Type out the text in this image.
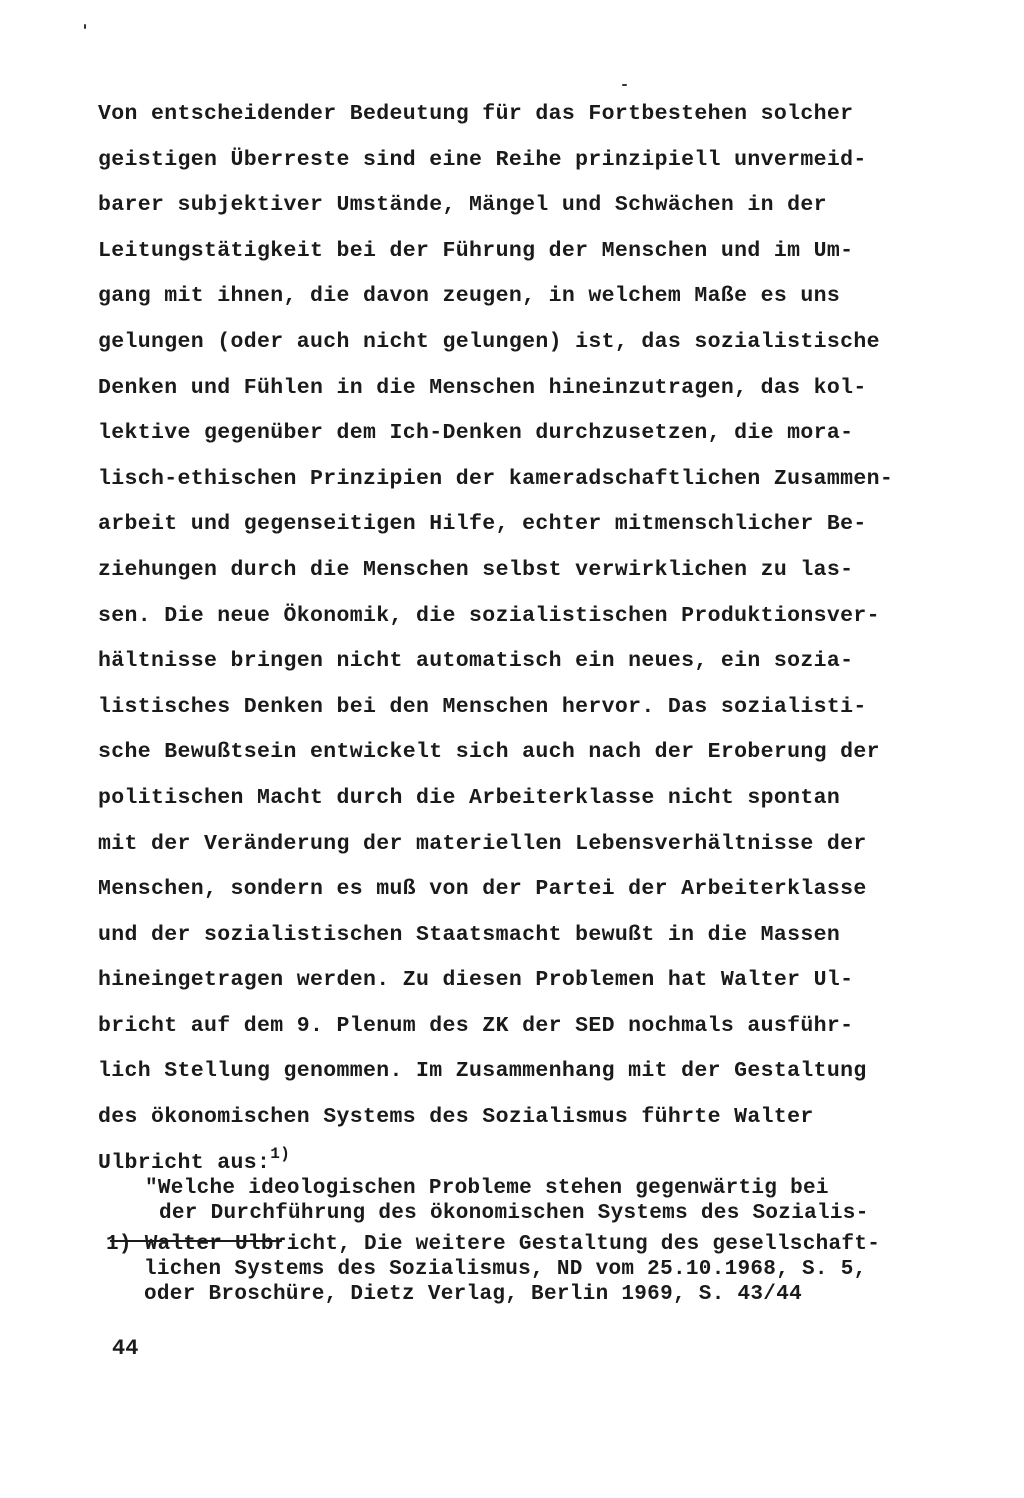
Von entscheidender Bedeutung für das Fortbestehen solcher
geistigen Überreste sind eine Reihe prinzipiell unvermeid-
barer subjektiver Umstände, Mängel und Schwächen in der
Leitungstätigkeit bei der Führung der Menschen und im Um-
gang mit ihnen, die davon zeugen, in welchem Maße es uns
gelungen (oder auch nicht gelungen) ist, das sozialistische
Denken und Fühlen in die Menschen hineinzutragen, das kol-
lektive gegenüber dem Ich-Denken durchzusetzen, die mora-
lisch-ethischen Prinzipien der kameradschaftlichen Zusammen-
arbeit und gegenseitigen Hilfe, echter mitmenschlicher Be-
ziehungen durch die Menschen selbst verwirklichen zu las-
sen. Die neue Ökonomik, die sozialistischen Produktionsver-
hältnisse bringen nicht automatisch ein neues, ein sozia-
listisches Denken bei den Menschen hervor. Das sozialisti-
sche Bewußtsein entwickelt sich auch nach der Eroberung der
politischen Macht durch die Arbeiterklasse nicht spontan
mit der Veränderung der materiellen Lebensverhältnisse der
Menschen, sondern es muß von der Partei der Arbeiterklasse
und der sozialistischen Staatsmacht bewußt in die Massen
hineingetragen werden. Zu diesen Problemen hat Walter Ul-
bricht auf dem 9. Plenum des ZK der SED nochmals ausführ-
lich Stellung genommen. Im Zusammenhang mit der Gestaltung
des ökonomischen Systems des Sozialismus führte Walter
Ulbricht aus:$^{1)}$
"Welche ideologischen Probleme stehen gegenwärtig bei
der Durchführung des ökonomischen Systems des Sozialis-
1) Walter Ulbricht, Die weitere Gestaltung des gesellschaft-
lichen Systems des Sozialismus, ND vom 25.10.1968, S. 5,
oder Broschüre, Dietz Verlag, Berlin 1969, S. 43/44
44
